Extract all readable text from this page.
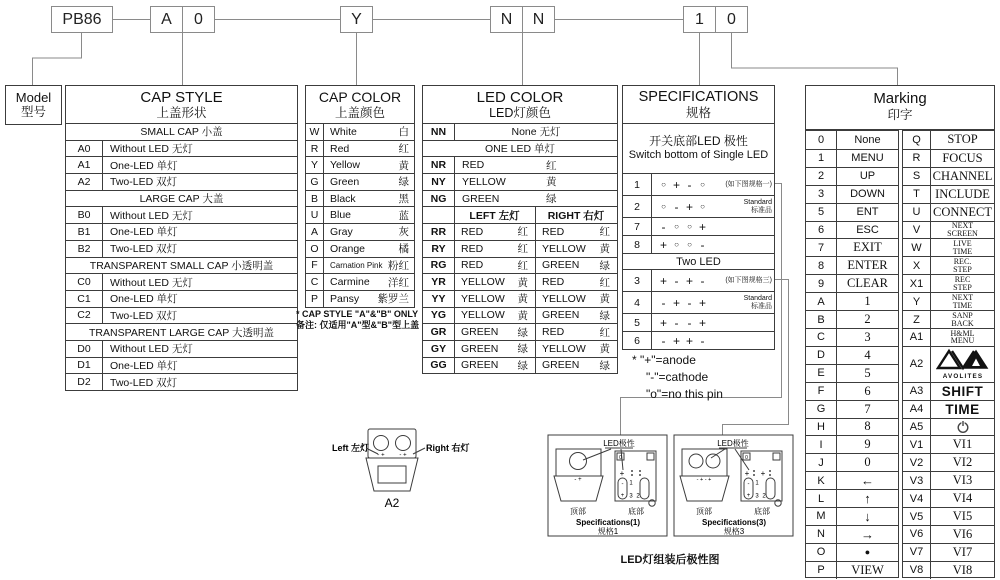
PB86	A	0	Y	N	N	1	0
Model
型号
CAP STYLE
上盖形状
SMALL CAP 小盖
A0	Without LED 无灯
A1	One-LED 单灯
A2	Two-LED 双灯
LARGE CAP 大盖
B0	Without LED 无灯
B1	One-LED 单灯
B2	Two-LED 双灯
TRANSPARENT SMALL CAP 小透明盖
C0	Without LED 无灯
C1	One-LED 单灯
C2	Two-LED 双灯
TRANSPARENT LARGE CAP 大透明盖
D0	Without LED 无灯
D1	One-LED 单灯
D2	Two-LED 双灯
CAP COLOR
上盖颜色
W	White	白
R	Red	红
Y	Yellow	黄
G	Green	绿
B	Black	黑
U	Blue	蓝
A	Gray	灰
O	Orange	橘
F	Carnation Pink 粉红
C	Carmine 洋红
P	Pansy 紫罗兰
* CAP STYLE "A"&"B" ONLY
备注: 仅适用"A"型&"B"型上盖
LED COLOR
LED灯颜色
NN	None 无灯
ONE LED 单灯
NR	RED	红
NY	YELLOW	黄
NG	GREEN	绿
LEFT 左灯	RIGHT 右灯
RR	RED	红 RED	红
RY	RED	红 YELLOW 黄
RG	RED	红 GREEN 绿
YR	YELLOW 黄 RED	红
YY	YELLOW 黄 YELLOW 黄
YG	YELLOW 黄 GREEN 绿
GR	GREEN 绿 RED	红
GY	GREEN 绿 YELLOW 黄
GG	GREEN 绿 GREEN 绿
SPECIFICATIONS
规格
开关底部LED 极性
Switch bottom of Single LED
1	○ + -	○	(如下图规格一)
2	○ - + ○	Standard
标准品
7	-	○	○ +
8	+ ○	○ -
Two LED
3	+ - + -	(如下图规格三)
4	- + - +	Standard
标准品
5	+ - - +
6	- + + -
* "+"=anode
"-"=cathode
"o"=no this pin
Marking
印字
0	None
1	MENU
2	UP
3	DOWN
5	ENT
6	ESC
7	EXIT
8	ENTER
9	CLEAR
A	1
B	2
C	3
D	4
E	5
F	6
G	7
H	8
I	9
J	0
K	←
L	↑
M	↓
N	→
O	●
P	VIEW
Q	STOP
R	FOCUS
S CHANNEL
T	INCLUDE
U	CONNECT
V	NEXT
SCREEN
W	LIVE
TIME
X	REC.
STEP
X1	REC
STEP
Y	NEXT
TIME
Z	SANP
BACK
A1	H&ML
MENU
A2
AVOLITES
A3	SHIFT
A4	TIME
A5
V1	VI1
V2	VI2
V3	VI3
V4	VI4
V5	VI5
V6	VI6
V7	VI7
V8	VI8
Left 左灯	Right 右灯
- + - +
A2
LED极性
- +
顶部
0
+
-
+
1
3 2
底部
Specifications(1)
规格1
LED极性
- + - +
顶部
0
+ +
-
+
1
3 2
底部
Specifications(3)
规格3
LED灯组装后极性图
